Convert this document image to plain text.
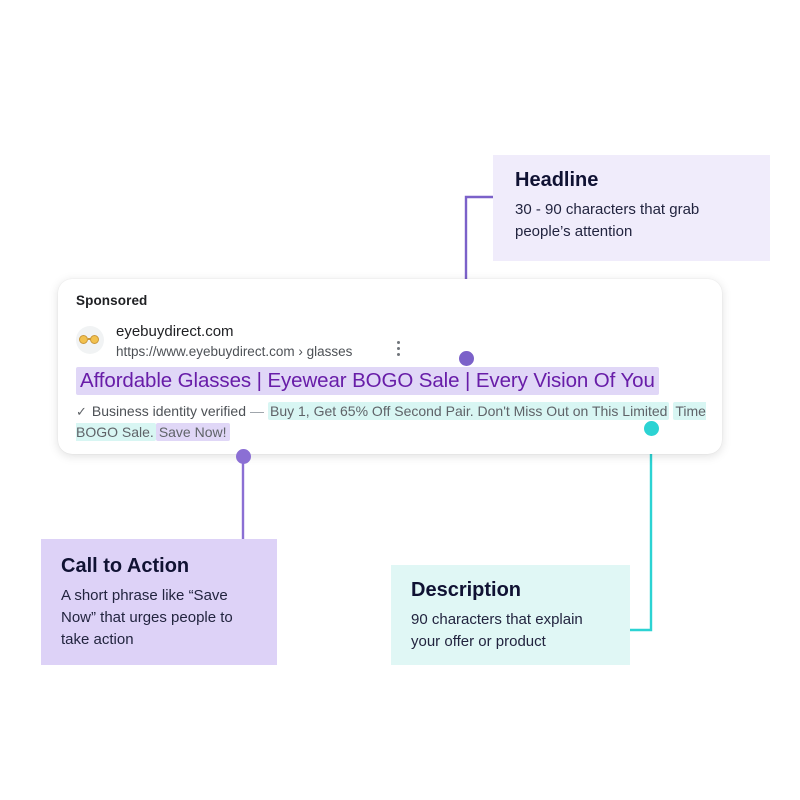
Sponsored
eyebuydirect.com
https://www.eyebuydirect.com › glasses
Affordable Glasses | Eyewear BOGO Sale | Every Vision Of You
✓ Business identity verified — Buy 1, Get 65% Off Second Pair. Don't Miss Out on This Limited Time BOGO Sale. Save Now!
Headline
30 - 90 characters that grab people’s attention
Call to Action
A short phrase like “Save Now” that urges people to take action
Description
90 characters that explain your offer or product
